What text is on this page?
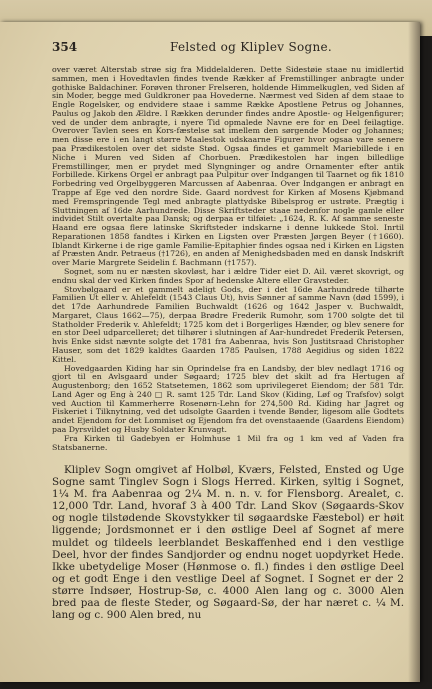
354	Felsted og Kliplev Sogne.

over været Alterstab strøe sig fra Middelalderen. Dette Sidestøie staae nu imidlertid sammen, men i Hovedtavlen findes tvende Rækker af Fremstillinger anbragte under gothiske Baldachiner. Forøven throner Frelseren, holdende Himmelkuglen, ved Siden af sin Moder, begge med Guldkroner paa Hovederne. Nærmest ved Siden af dem staae to Engle Rogelsker, og endvidere staae i samme Række Apostlene Petrus og Johannes, Paulus og Jakob den Ældre. I Rækken derunder findes andre Apostle- og Helgenfigurer; ved de under dem anbragte, i nyere Tid opmalede Navne ere for en Deel feilagtige. Overover Tavlen sees en Kors-fæstelse sat imellem den sørgende Moder og Johannes; men disse ere i en langt større Maalestok udskaarne Figurer hvor ogsaa vare senere paa Prædikestolen over det sidste Stød. Ogsaa findes et gammelt Mariebillede i en Niche i Muren ved Siden af Chorbuen. Prædikestolen har ingen billedlige Fremstillinger, men er prydet med Slyngninger og andre Ornamenter efter antik Forbillede. Kirkens Orgel er anbragt paa Pulpitur over Indgangen til Taarnet og fik 1810 Forbedring ved Orgelbyggeren Marcussen af Aabenraa. Over Indgangen er anbragt en Trappe af Ege ved den nordre Side. Gaard nordvest for Kirken af Mosens Kjøbmand med Fremspringende Tegl med anbragte plattydske Bibelsprog er ustrøte. Prægtig i Sluttningen af 16de Aarhundrede. Disse Skriftsteder staae nedenfor nogle gamle eller indvidet Stilt overtalte paa Dansk; og derpaa er tilføiet: „1624, R. K. Af samme seneste Haand ere ogsaa flere latinske Skriftsteder indskarne i denne lukkede Stol. Inrtil Reparationen 1858 fandtes i Kirken en Ligsten over Præsten Jørgen Beyer (†1660). Iblandt Kirkerne i de rige gamle Familie-Epitaphier findes ogsaa ned i Kirken en Ligsten af Præsten Andr. Petraeus (†1726), en anden af Menighedsbaden med en dansk Indskrift over Marie Margrete Seidelin f. Bachmann (†1757).

Sognet, som nu er næsten skovløst, har i ældre Tider eiet D. Ail. været skovrigt, og endnu skal der ved Kirken findes Spor af hedenske Altere eller Gravsteder.

Stovbølgaard er et gammelt adeligt Gods, der i det 16de Aarhundrede tilhørte Familien Ut eller v. Ahlefeldt (1543 Claus Ut), hvis Sønner af samme Navn (død 1599), i det 17de Aarhundrede Familien Buchwaldt (1626 og 1642 Jasper v. Buchwaldt, Margaret, Claus 1662—75), derpaa Brødre Frederik Rumohr, som 1700 solgte det til Statholder Frederik v. Ahlefeldt; 1725 kom det i Borgerliges Hænder, og blev senere for en stor Deel udparcelleret; det tilhører i slutningen af Aar-hundredet Frederik Petersen, hvis Enke sidst nævnte solgte det 1781 fra Aabenraa, hvis Son Justitsraad Christopher Hauser, som det 1829 kaldtes Gaarden 1785 Paulsen, 1788 Aegidius og siden 1822 Kittel.

Hovedgaarden Kiding har sin Oprindelse fra en Landsby, der blev nedlagt 1716 og gjort til en Avlsgaard under Søgaard; 1725 blev det skilt ad fra Hertugen af Augustenborg; den 1652 Statsetemen, 1862 som uprivilegeret Eiendom; der 581 Tdr. Land Ager og Eng à 240 □ R. samt 125 Tdr. Land Skov (Kiding, Løf og Trafsfov) solgt ved Auction til Kammerherre Rosenørn-Lehn for 274,500 Rd. Kiding har Jagret og Fiskeriet i Tilknytning, ved det udsolgte Gaarden i tvende Bønder, ligesom alle Godtets andet Ejendom for det Lommiset og Ejendom fra det ovenstaaende (Gaardens Eiendom) paa Dyrsvildet og Husby Soldater Krunvagt.

Fra Kirken til Gadebyen er Holmhuse 1 Mil fra og 1 km ved af Vaden fra Statsbanerne.

Kliplev Sogn omgivet af Holbøl, Kværs, Felsted, Ensted og Uge Sogne samt Tinglev Sogn i Slogs Herred. Kirken, syltig i Sognet, 1¼ M. fra Aabenraa og 2¼ M. n. n. v. for Flensborg. Arealet, c. 12,000 Tdr. Land, hvoraf 3 à 400 Tdr. Land Skov (Søgaards-Skov og nogle tilstødende Skovstykker til søgaardske Fæstebol) er høit liggende; Jordsmonnet er i den østlige Deel af Sognet af mere muldet og tildeels leerblandet Beskaffenhed end i den vestlige Deel, hvor der findes Sandjorder og endnu noget uopdyrket Hede. Ikke ubetydelige Moser (Hønmose o. fl.) findes i den østlige Deel og et godt Enge i den vestlige Deel af Sognet. I Sognet er der 2 større Indsøer, Hostrup-Sø, c. 4000 Alen lang og c. 3000 Alen bred paa de fleste Steder, og Søgaard-Sø, der har næret c. ¼ M. lang og c. 900 Alen bred, nu
